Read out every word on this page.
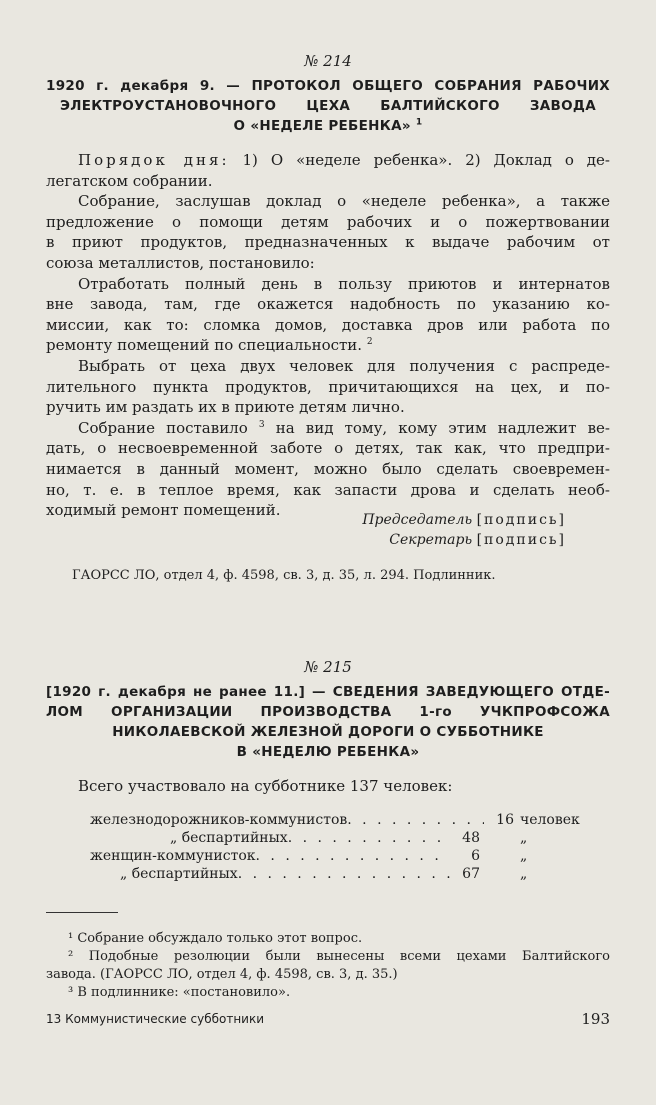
№ 214
1920 г. декабря 9. — ПРОТОКОЛ ОБЩЕГО СОБРАНИЯ РАБОЧИХ
ЭЛЕКТРОУСТАНОВОЧНОГО ЦЕХА БАЛТИЙСКОГО ЗАВОДА
О «НЕДЕЛЕ РЕБЕНКА» $^1$
Порядок дня: 1) О «неделе ребенка». 2) Доклад о де-
легатском собрании.
Собрание, заслушав доклад о «неделе ребенка», а также
предложение о помощи детям рабочих и о пожертвовании
в приют продуктов, предназначенных к выдаче рабочим от
союза металлистов, постановило:
Отработать полный день в пользу приютов и интернатов
вне завода, там, где окажется надобность по указанию ко-
миссии, как то: сломка домов, доставка дров или работа по
ремонту помещений по специальности. $^2$
Выбрать от цеха двух человек для получения с распреде-
лительного пункта продуктов, причитающихся на цех, и по-
ручить им раздать их в приюте детям лично.
Собрание поставило $^3$ на вид тому, кому этим надлежит ве-
дать, о несвоевременной заботе о детях, так как, что предпри-
нимается в данный момент, можно было сделать своевремен-
но, т. е. в теплое время, как запасти дрова и сделать необ-
ходимый ремонт помещений.
Председатель [подпись]
Секретарь [подпись]
ГАОРСС ЛО, отдел 4, ф. 4598, св. 3, д. 35, л. 294. Подлинник.
№ 215
[1920 г. декабря не ранее 11.] — СВЕДЕНИЯ ЗАВЕДУЮЩЕГО ОТДЕ-
ЛОМ ОРГАНИЗАЦИИ ПРОИЗВОДСТВА 1-го УЧКПРОФСОЖА
НИКОЛАЕВСКОЙ ЖЕЛЕЗНОЙ ДОРОГИ О СУББОТНИКЕ
В «НЕДЕЛЮ РЕБЕНКА»
Всего участвовало на субботнике 137 человек:
железнодорожников-коммунистов . . .	16 человек
„ беспартийных . . .	48	„
женщин-коммунисток . . .	6	„
„ беспартийных . . .	67	„
¹ Собрание обсуждало только этот вопрос.
² Подобные резолюции были вынесены всеми цехами Балтийского
завода. (ГАОРСС ЛО, отдел 4, ф. 4598, св. 3, д. 35.)
³ В подлиннике: «постановило».
13 Коммунистические субботники	193
